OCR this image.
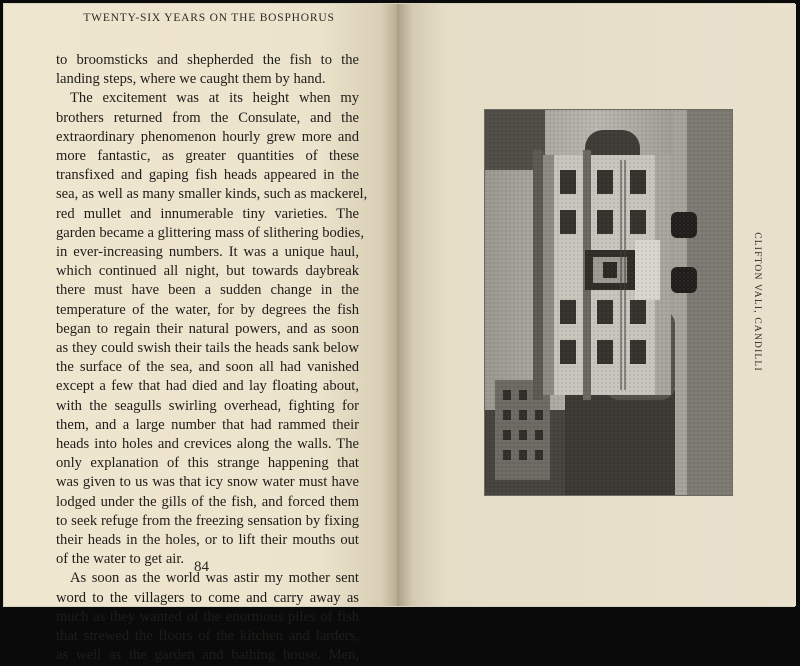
TWENTY-SIX YEARS ON THE BOSPHORUS
to broomsticks and shepherded the fish to the
landing steps, where we caught them by hand.
The excitement was at its height when my
brothers returned from the Consulate, and the
extraordinary phenomenon hourly grew more and
more fantastic, as greater quantities of these
transfixed and gaping fish heads appeared in the
sea, as well as many smaller kinds, such as mackerel,
red mullet and innumerable tiny varieties. The
garden became a glittering mass of slithering bodies,
in ever-increasing numbers. It was a unique haul,
which continued all night, but towards daybreak
there must have been a sudden change in the
temperature of the water, for by degrees the fish
began to regain their natural powers, and as soon
as they could swish their tails the heads sank below
the surface of the sea, and soon all had vanished
except a few that had died and lay floating about,
with the seagulls swirling overhead, fighting for
them, and a large number that had rammed their
heads into holes and crevices along the walls. The
only explanation of this strange happening that
was given to us was that icy snow water must have
lodged under the gills of the fish, and forced them
to seek refuge from the freezing sensation by fixing
their heads in the holes, or to lift their mouths out
of the water to get air.
As soon as the world was astir my mother sent
word to the villagers to come and carry away as
much as they wanted of the enormous piles of fish
that strewed the floors of the kitchen and larders,
as well as the garden and bathing house. Men,
84
CLIFTON VALI, CANDILLI
